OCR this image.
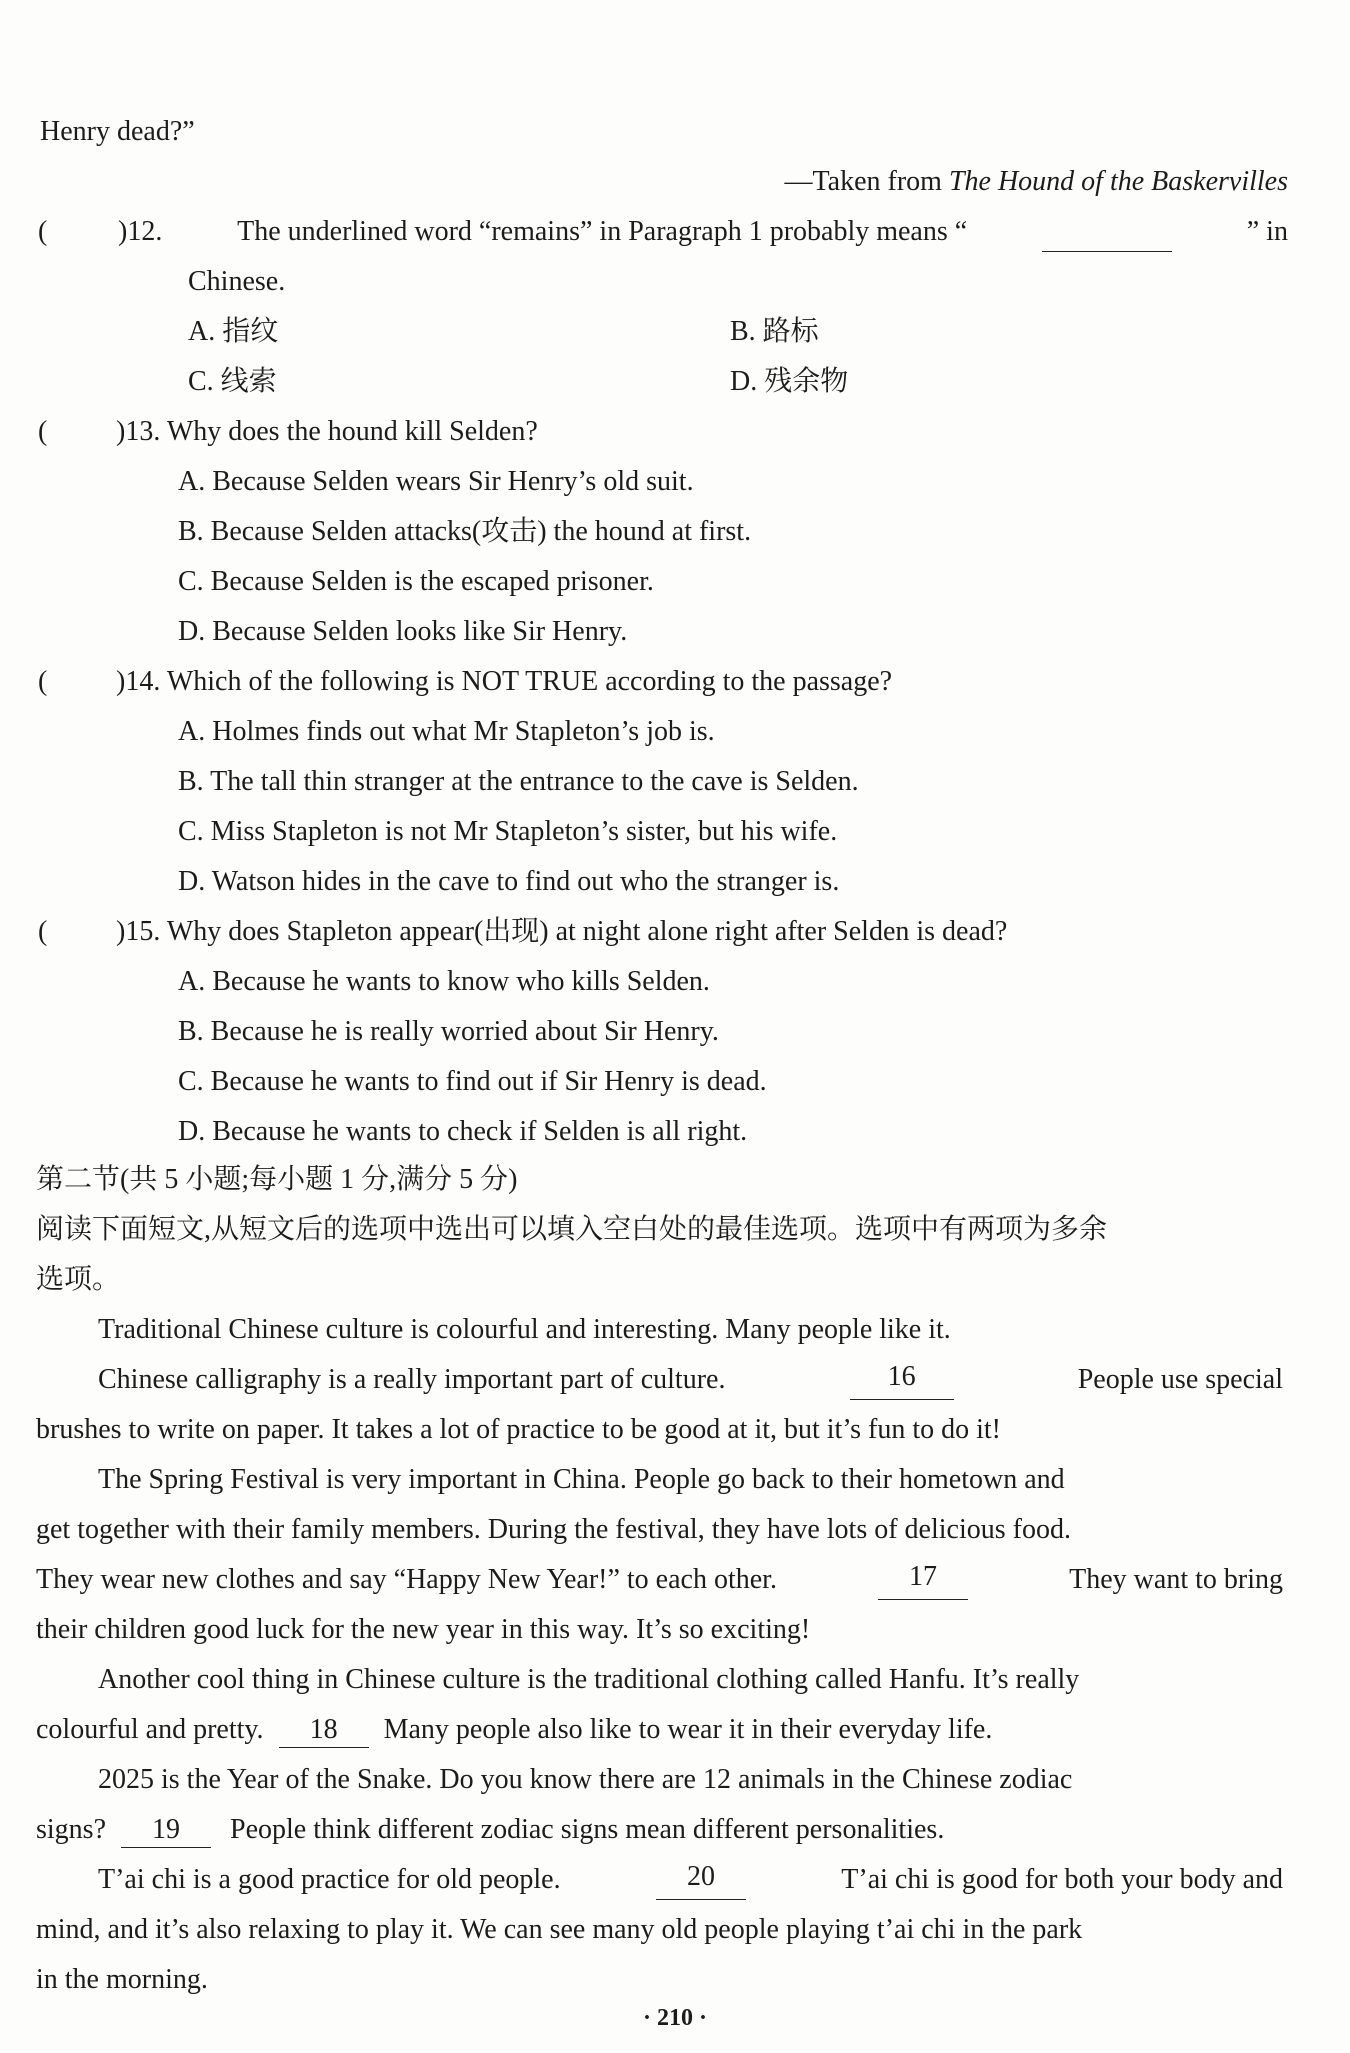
Henry dead?”
—Taken from The Hound of the Baskervilles
(	)12.	The underlined word “remains” in Paragraph 1 probably means “	” in
Chinese.
A. 指纹	B. 路标
C. 线索	D. 残余物
( )13. Why does the hound kill Selden?
A. Because Selden wears Sir Henry’s old suit.
B. Because Selden attacks(攻击) the hound at first.
C. Because Selden is the escaped prisoner.
D. Because Selden looks like Sir Henry.
( )14. Which of the following is NOT TRUE according to the passage?
A. Holmes finds out what Mr Stapleton’s job is.
B. The tall thin stranger at the entrance to the cave is Selden.
C. Miss Stapleton is not Mr Stapleton’s sister, but his wife.
D. Watson hides in the cave to find out who the stranger is.
( )15. Why does Stapleton appear(出现) at night alone right after Selden is dead?
A. Because he wants to know who kills Selden.
B. Because he is really worried about Sir Henry.
C. Because he wants to find out if Sir Henry is dead.
D. Because he wants to check if Selden is all right.
第二节(共 5 小题;每小题 1 分,满分 5 分)
阅读下面短文,从短文后的选项中选出可以填入空白处的最佳选项。选项中有两项为多余
选项。
Traditional Chinese culture is colourful and interesting. Many people like it.
Chinese calligraphy is a really important part of culture.	16	People use special
brushes to write on paper. It takes a lot of practice to be good at it, but it’s fun to do it!
The Spring Festival is very important in China. People go back to their hometown and
get together with their family members. During the festival, they have lots of delicious food.
They wear new clothes and say “Happy New Year!” to each other.	17	They want to bring
their children good luck for the new year in this way. It’s so exciting!
Another cool thing in Chinese culture is the traditional clothing called Hanfu. It’s really
colourful and pretty. 18 Many people also like to wear it in their everyday life.
2025 is the Year of the Snake. Do you know there are 12 animals in the Chinese zodiac
signs? 19 People think different zodiac signs mean different personalities.
T’ai chi is a good practice for old people.	20	T’ai chi is good for both your body and
mind, and it’s also relaxing to play it. We can see many old people playing t’ai chi in the park
in the morning.
· 210 ·
